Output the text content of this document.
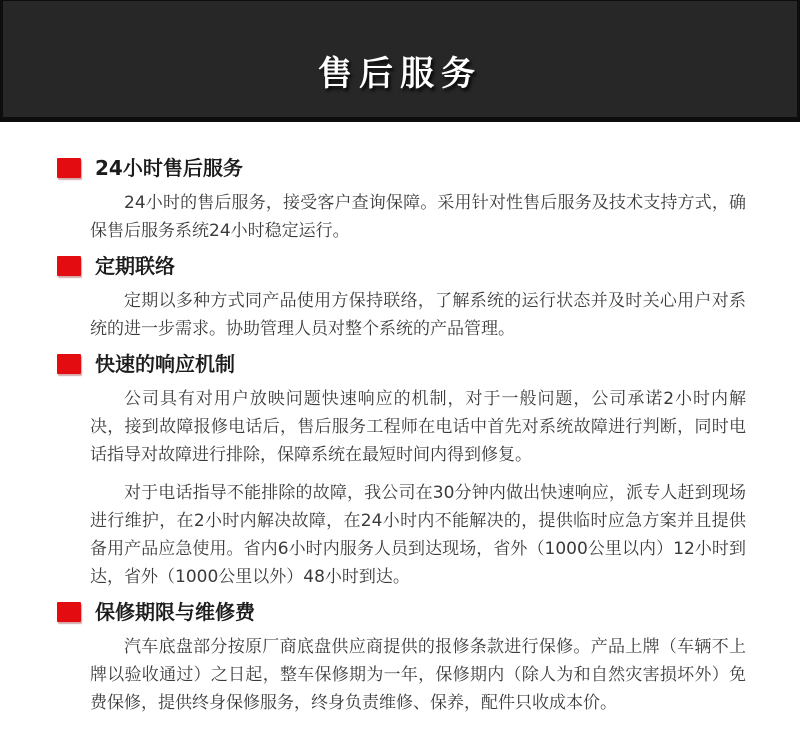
售后服务
24小时售后服务

24小时的售后服务，接受客户查询保障。采用针对性售后服务及技术支持方式，确保售后服务系统24小时稳定运行。

定期联络

定期以多种方式同产品使用方保持联络，了解系统的运行状态并及时关心用户对系统的进一步需求。协助管理人员对整个系统的产品管理。

快速的响应机制

公司具有对用户放映问题快速响应的机制，对于一般问题，公司承诺2小时内解决，接到故障报修电话后，售后服务工程师在电话中首先对系统故障进行判断，同时电话指导对故障进行排除，保障系统在最短时间内得到修复。

对于电话指导不能排除的故障，我公司在30分钟内做出快速响应，派专人赶到现场进行维护，在2小时内解决故障，在24小时内不能解决的，提供临时应急方案并且提供备用产品应急使用。省内6小时内服务人员到达现场，省外（1000公里以内）12小时到达，省外（1000公里以外）48小时到达。

保修期限与维修费

汽车底盘部分按原厂商底盘供应商提供的报修条款进行保修。产品上牌（车辆不上牌以验收通过）之日起，整车保修期为一年，保修期内（除人为和自然灾害损坏外）免费保修，提供终身保修服务，终身负责维修、保养，配件只收成本价。
